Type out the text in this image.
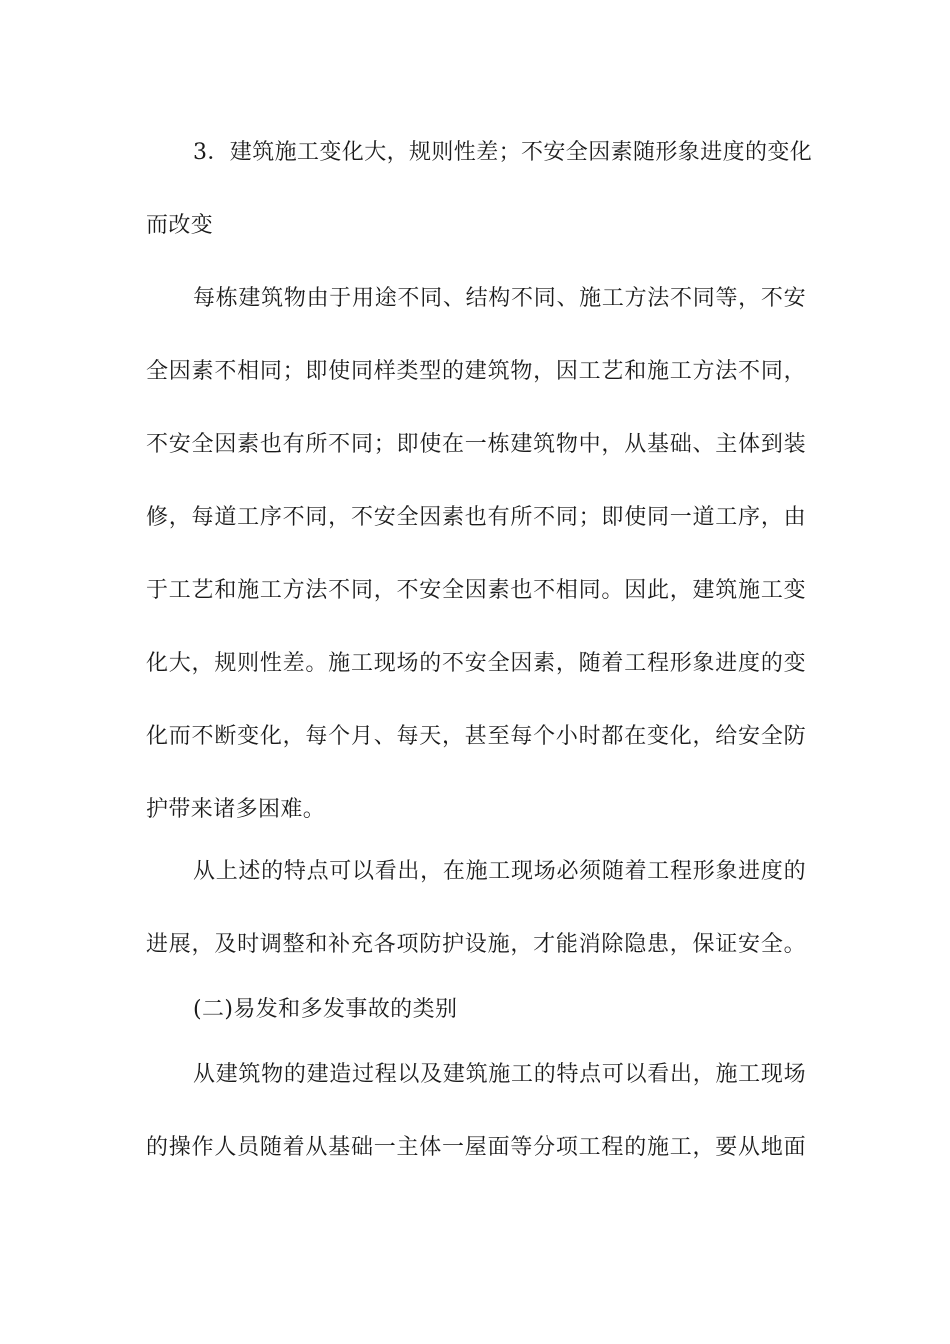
3．建筑施工变化大，规则性差；不安全因素随形象进度的变化
而改变
每栋建筑物由于用途不同、结构不同、施工方法不同等，不安
全因素不相同；即使同样类型的建筑物，因工艺和施工方法不同，
不安全因素也有所不同；即使在一栋建筑物中，从基础、主体到装
修，每道工序不同，不安全因素也有所不同；即使同一道工序，由
于工艺和施工方法不同，不安全因素也不相同。因此，建筑施工变
化大，规则性差。施工现场的不安全因素，随着工程形象进度的变
化而不断变化，每个月、每天，甚至每个小时都在变化，给安全防
护带来诸多困难。
从上述的特点可以看出，在施工现场必须随着工程形象进度的
进展，及时调整和补充各项防护设施，才能消除隐患，保证安全。
(二)易发和多发事故的类别
从建筑物的建造过程以及建筑施工的特点可以看出，施工现场
的操作人员随着从基础一主体一屋面等分项工程的施工，要从地面
